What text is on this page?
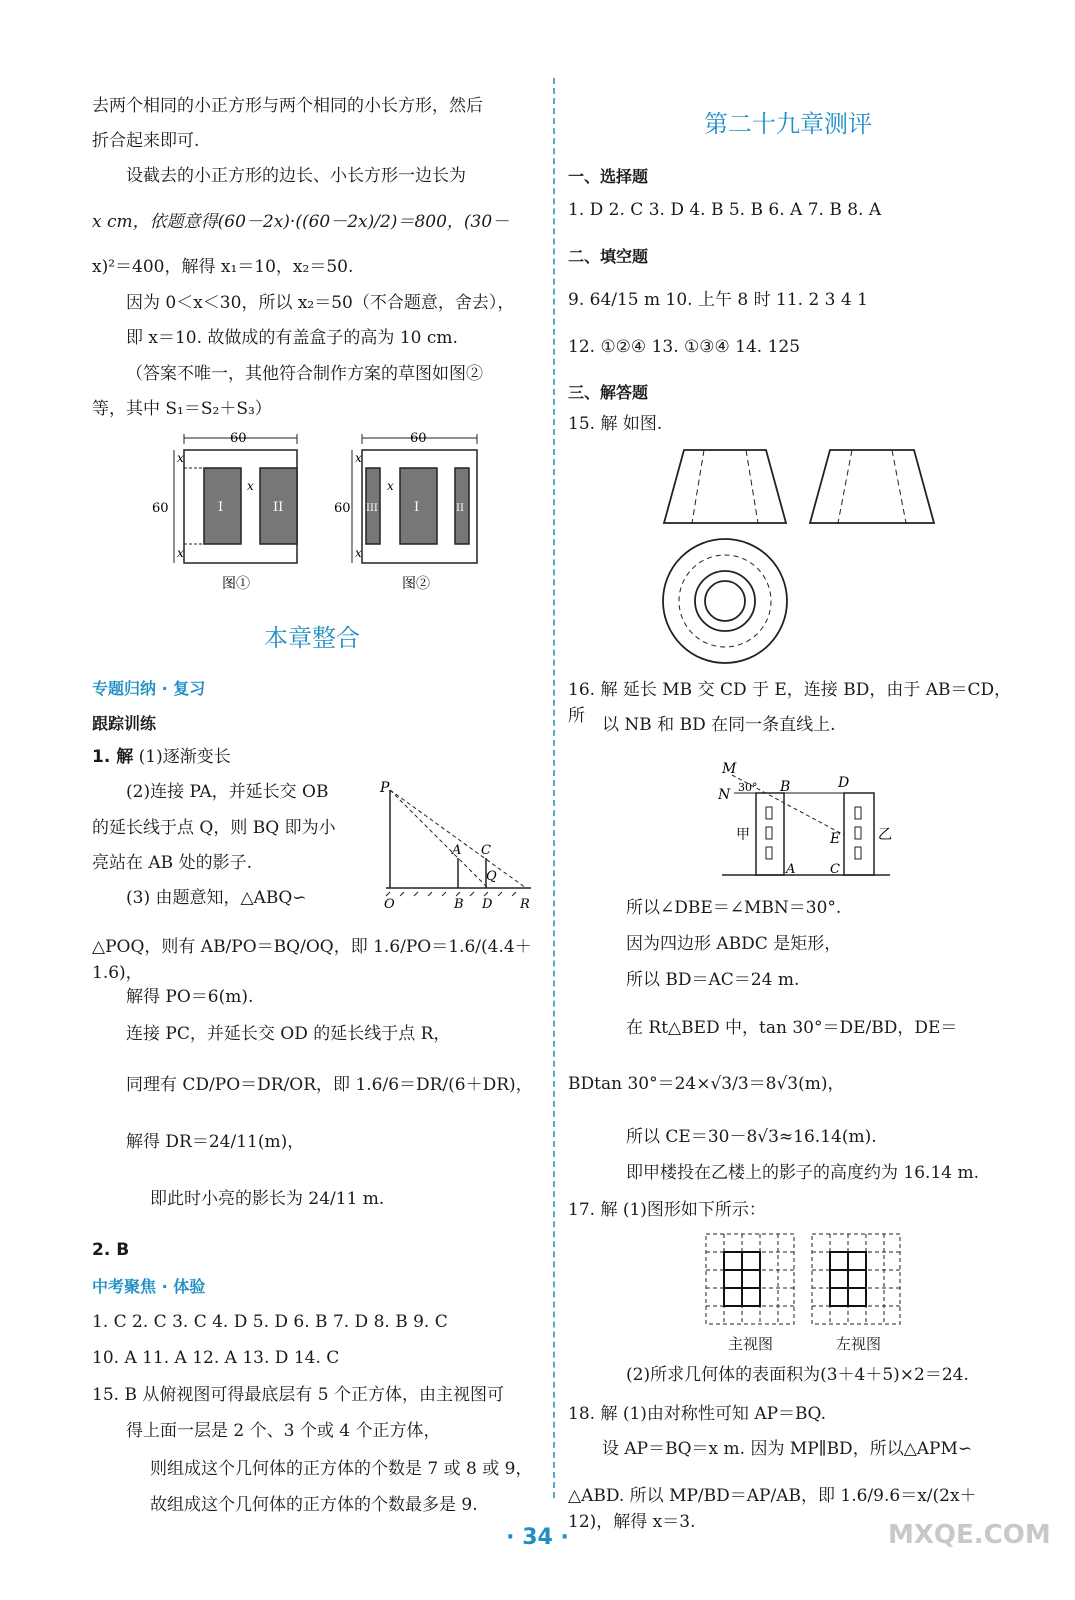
去两个相同的小正方形与两个相同的小长方形，然后

折合起来即可.

设截去的小正方形的边长、小长方形一边长为

x cm，依题意得(60－2x)·((60－2x)/2)＝800，(30－

x)²＝400，解得 x₁＝10，x₂＝50.

因为 0＜x＜30，所以 x₂＝50（不合题意，舍去），

即 x＝10. 故做成的有盖盒子的高为 10 cm.

（答案不唯一，其他符合制作方案的草图如图②

等，其中 S₁＝S₂＋S₃）

60
60
x
x
x
I	II
图①
60
60
x
x
x
III	I	II
图②
本章整合
专题归纳 · 复习
跟踪训练

1. 解 (1)逐渐变长

(2)连接 PA，并延长交 OB

的延长线于点 Q，则 BQ 即为小

亮站在 AB 处的影子.

(3) 由题意知，△ABQ∽

P
A C
Q
O	B D R

△POQ，则有 AB/PO＝BQ/OQ，即 1.6/PO＝1.6/(4.4＋1.6)，

解得 PO＝6(m).

连接 PC，并延长交 OD 的延长线于点 R，

同理有 CD/PO＝DR/OR，即 1.6/6＝DR/(6＋DR)，

解得 DR＝24/11(m)，

即此时小亮的影长为 24/11 m.

2. B

中考聚焦 · 体验

1. C 2. C 3. C 4. D 5. D 6. B 7. D 8. B 9. C

10. A 11. A 12. A 13. D 14. C

15. B 从俯视图可得最底层有 5 个正方体，由主视图可

得上面一层是 2 个、3 个或 4 个正方体，

则组成这个几何体的正方体的个数是 7 或 8 或 9，

故组成这个几何体的正方体的个数最多是 9.

第二十九章测评
一、选择题

1. D 2. C 3. D 4. B 5. B 6. A 7. B 8. A

二、填空题

9. 64/15 m 10. 上午 8 时 11. 2 3 4 1

12. ①②④ 13. ①③④ 14. 125

三、解答题

15. 解 如图.

16. 解 延长 MB 交 CD 于 E，连接 BD，由于 AB＝CD，所	以 NB 和 BD 在同一条直线上.

M
N 30° B	D
E
A	C
甲	乙

所以∠DBE＝∠MBN＝30°.

因为四边形 ABDC 是矩形，

所以 BD＝AC＝24 m.

在 Rt△BED 中，tan 30°＝DE/BD，DE＝

BDtan 30°＝24×√3/3＝8√3(m)，

所以 CE＝30－8√3≈16.14(m).

即甲楼投在乙楼上的影子的高度约为 16.14 m.

17. 解 (1)图形如下所示：

主视图	左视图

(2)所求几何体的表面积为(3＋4＋5)×2＝24.

18. 解 (1)由对称性可知 AP＝BQ.

设 AP＝BQ＝x m. 因为 MP∥BD，所以△APM∽

△ABD. 所以 MP/BD＝AP/AB，即 1.6/9.6＝x/(2x＋12)，解得 x＝3.

· 34 ·	MXQE.COM
